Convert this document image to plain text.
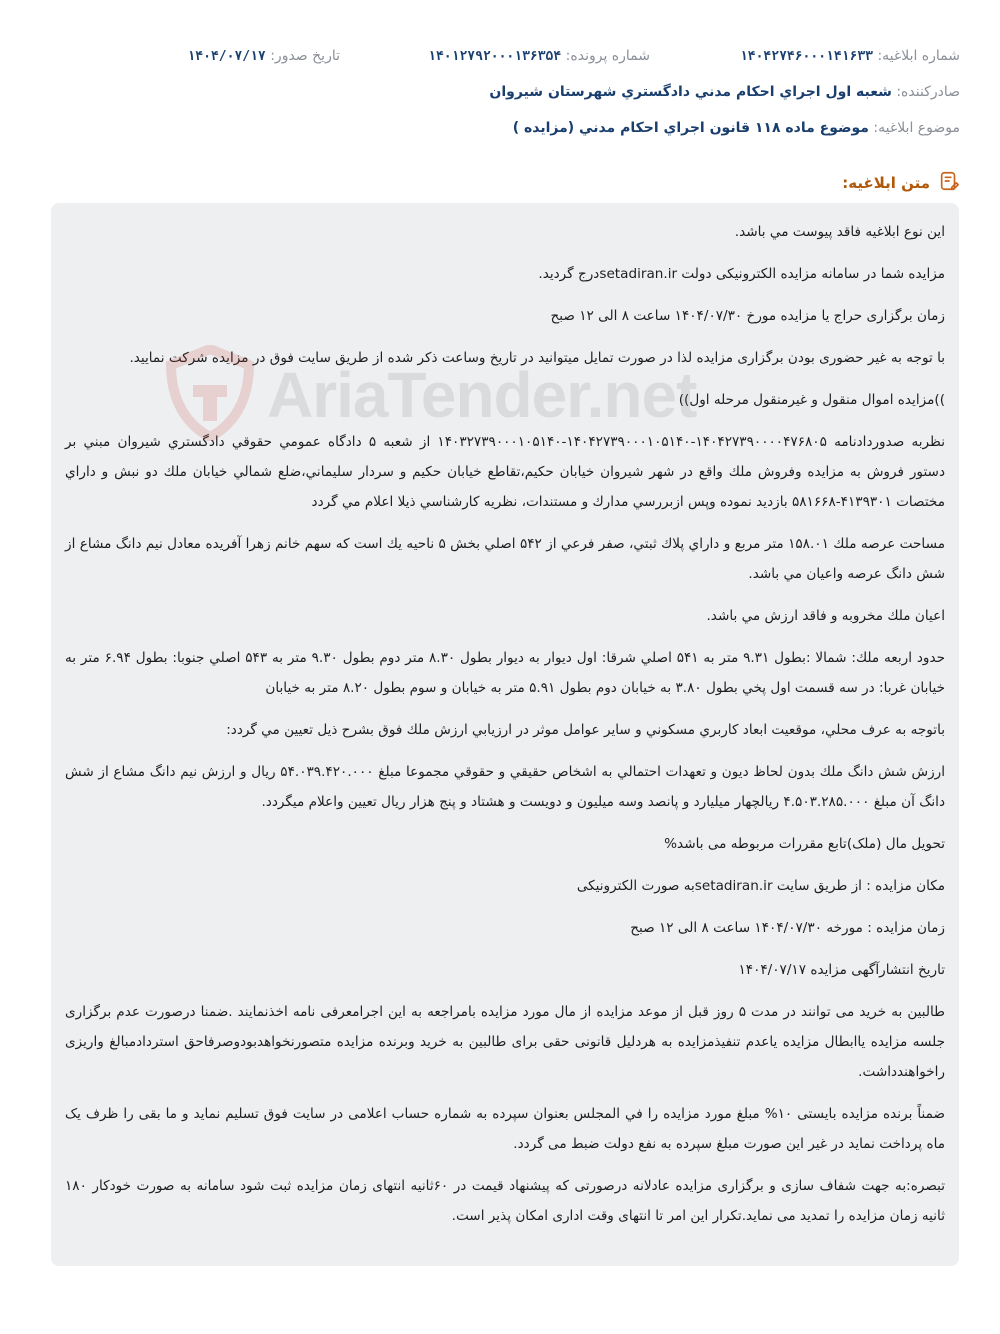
شماره ابلاغيه: ۱۴۰۴۲۷۴۶۰۰۰۱۴۱۶۳۳
شماره پرونده: ۱۴۰۱۲۷۹۲۰۰۰۱۳۶۳۵۴
تاريخ صدور: ۱۴۰۴/۰۷/۱۷
صادرکننده: شعبه اول اجراي احکام مدني دادگستري شهرستان شيروان
موضوع ابلاغيه: موضوع ماده ۱۱۸ قانون اجراي احکام مدني (مزايده )
متن ابلاغيه:

اين نوع ابلاغيه فاقد پيوست مي باشد.

مزایده شما در سامانه مزایده الکترونیکی دولت setadiran.irدرج گردید.

زمان برگزاری حراج یا مزایده مورخ ۱۴۰۴/۰۷/۳۰ ساعت ۸ الی ۱۲ صبح

با توجه به غیر حضوری بودن برگزاری مزایده لذا در صورت تمایل میتوانید در تاریخ وساعت ذکر شده از طریق سایت فوق در مزایده شرکت نمایید.

))مزايده اموال منقول و غيرمنقول مرحله اول))

نظربه صدوردادنامه ۱۴۰۴۲۷۳۹۰۰۰۰۴۷۶۸۰۵-۱۴۰۴۲۷۳۹۰۰۰۱۰۵۱۴۰-۱۴۰۳۲۷۳۹۰۰۰۱۰۵۱۴۰ از شعبه ۵ دادگاه عمومي حقوقي دادگستري شيروان مبني بر دستور فروش به مزايده وفروش ملك واقع در شهر شيروان خيابان حكيم،تقاطع خيابان حكيم و سردار سليماني،ضلع شمالي خيابان ملك دو نبش و داراي مختصات ۴۱۳۹۳۰۱-۵۸۱۶۶۸ بازديد نموده وپس ازبررسي مدارك و مستندات، نظريه كارشناسي ذيلا اعلام مي گردد

مساحت عرصه ملك ۱۵۸.۰۱ متر مربع و داراي پلاك ثبتي، صفر فرعي از ۵۴۲ اصلي بخش ۵ ناحيه يك است كه سهم خانم زهرا آفريده معادل نيم دانگ مشاع از شش دانگ عرصه واعيان مي باشد.

اعيان ملك مخروبه و فاقد ارزش مي باشد.

حدود اربعه ملك: شمالا :بطول ۹.۳۱ متر به ۵۴۱ اصلي شرقا: اول ديوار به ديوار بطول ۸.۳۰ متر دوم بطول ۹.۳۰ متر به ۵۴۳ اصلي جنوبا: بطول ۶.۹۴ متر به خيابان غربا: در سه قسمت اول پخي بطول ۳.۸۰ به خيابان دوم بطول ۵.۹۱ متر به خيابان و سوم بطول ۸.۲۰ متر به خيابان

باتوجه به عرف محلي، موقعيت ابعاد كاربري مسكوني و ساير عوامل موثر در ارزيابي ارزش ملك فوق بشرح ذيل تعيين مي گردد:

ارزش شش دانگ ملك بدون لحاظ ديون و تعهدات احتمالي به اشخاص حقيقي و حقوقي مجموعا مبلغ ۵۴.۰۳۹.۴۲۰.۰۰۰ ريال و ارزش نيم دانگ مشاع از شش دانگ آن مبلغ ۴.۵۰۳.۲۸۵.۰۰۰ ريالچهار ميليارد و پانصد وسه ميليون و دويست و هشتاد و پنج هزار ريال تعيين واعلام ميگردد.

تحویل مال (ملک)تابع مقررات مربوطه می باشد%

مکان مزایده : از طریق سایت setadiran.irبه صورت الکترونیکی

زمان مزایده : مورخه ۱۴۰۴/۰۷/۳۰ ساعت ۸ الی ۱۲ صبح

تاریخ انتشارآگهی مزایده ۱۴۰۴/۰۷/۱۷

طالبین به خرید می توانند در مدت ۵ روز قبل از موعد مزایده از مال مورد مزایده بامراجعه به این اجرامعرفی نامه اخذنمایند .ضمنا درصورت عدم برگزاری جلسه مزایده یاابطال مزایده یاعدم تنفیذمزایده به هردلیل قانونی حقی برای طالبین به خرید وبرنده مزایده متصورنخواهدبودوصرفاحق استردادمبالغ واریزی راخواهندداشت.

ضمناً برنده مزایده بایستی ۱۰% مبلغ مورد مزایده را في المجلس بعنوان سپرده به شماره حساب اعلامی در سایت فوق تسلیم نماید و ما بقی را ظرف یک ماه پرداخت نماید در غیر این صورت مبلغ سپرده به نفع دولت ضبط می گردد.

تبصره:به جهت شفاف سازی و برگزاری مزایده عادلانه درصورتی که پیشنهاد قیمت در ۶۰ثانیه انتهای زمان مزایده ثبت شود سامانه به صورت خودکار ۱۸۰ ثانیه زمان مزایده را تمدید می نماید.تکرار این امر تا انتهای وقت اداری امکان پذیر است.
